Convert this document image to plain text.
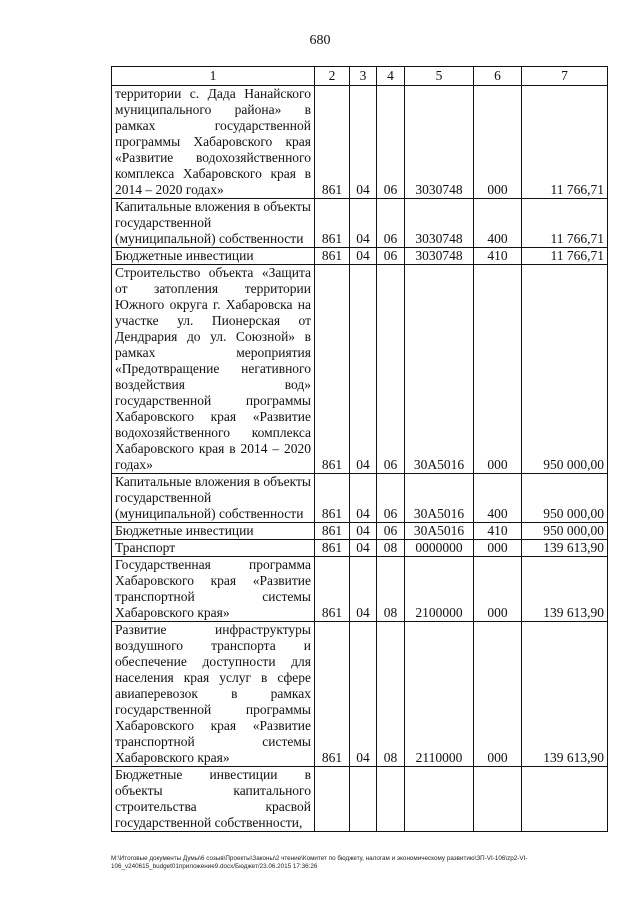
680
1	2	3	4	5	6	7
территории с. Дада Нанайского муниципального района» в рамках государственной программы Хабаровского края «Развитие водохозяйственного комплекса Хабаровского края в 2014 – 2020 годах»	861	04	06	3030748	000	11 766,71
Капитальные вложения в объекты государственной (муниципальной) собственности	861	04	06	3030748	400	11 766,71
Бюджетные инвестиции	861	04	06	3030748	410	11 766,71
Строительство объекта «Защита от затопления территории Южного округа г. Хабаровска на участке ул. Пионерская от Дендрария до ул. Союзной» в рамках мероприятия «Предотвращение негативного воздействия вод» государственной программы Хабаровского края «Развитие водохозяйственного комплекса Хабаровского края в 2014 – 2020 годах»	861	04	06	30А5016	000	950 000,00
Капитальные вложения в объекты государственной (муниципальной) собственности	861	04	06	30А5016	400	950 000,00
Бюджетные инвестиции	861	04	06	30А5016	410	950 000,00
Транспорт	861	04	08	0000000	000	139 613,90
Государственная программа Хабаровского края «Развитие транспортной системы Хабаровского края»	861	04	08	2100000	000	139 613,90
Развитие инфраструктуры воздушного транспорта и обеспечение доступности для населения края услуг в сфере авиаперевозок в рамках государственной программы Хабаровского края «Развитие транспортной системы Хабаровского края»	861	04	08	2110000	000	139 613,90
Бюджетные инвестиции в объекты капитального строительства красвой государственной собственности,						
M:\Итоговые документы Думы\6 созыв\Проекты\Законы\2 чтение\Комитет по бюджету, налогам и экономическому развитию\ЗП-VI-106\zp2-VI-106_v240615_budget01приложение9.docx/Бюджет/23.06.2015 17:36:26
